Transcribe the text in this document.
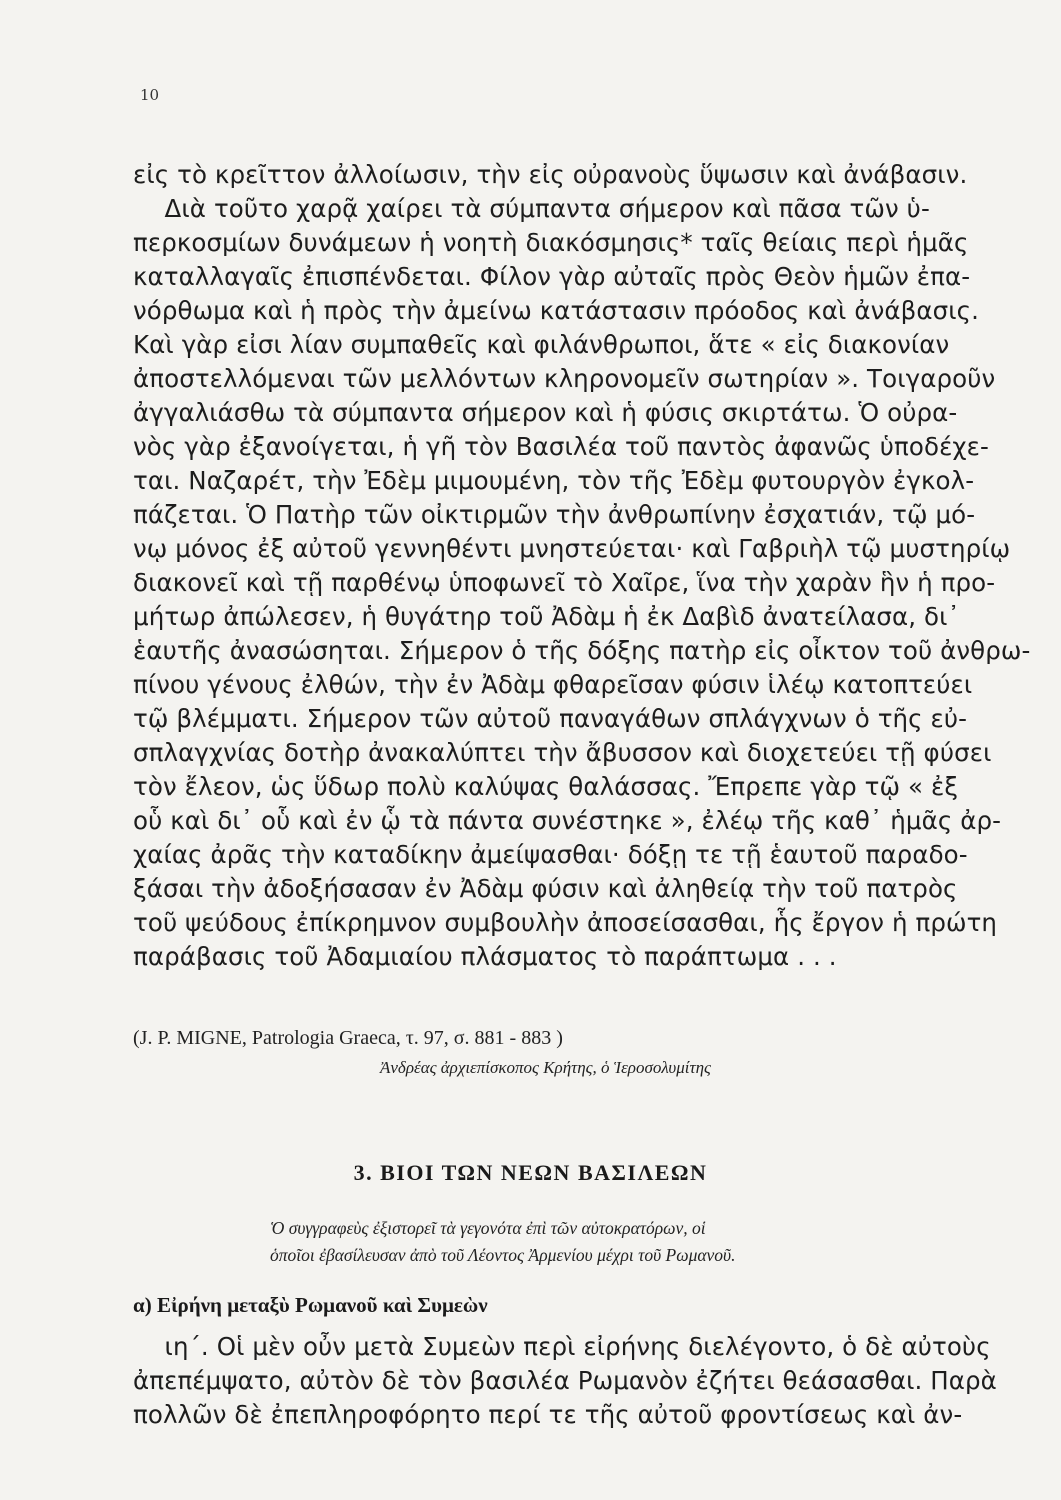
10
εἰς τὸ κρεῖττον ἀλλοίωσιν, τὴν εἰς οὐρανοὺς ὕψωσιν καὶ ἀνάβασιν.
Διὰ τοῦτο χαρᾷ χαίρει τὰ σύμπαντα σήμερον καὶ πᾶσα τῶν ὑ-
περκοσμίων δυνάμεων ἡ νοητὴ διακόσμησις* ταῖς θείαις περὶ ἡμᾶς
καταλλαγαῖς ἐπισπένδεται. Φίλον γὰρ αὐταῖς πρὸς Θεὸν ἡμῶν ἐπα-
νόρθωμα καὶ ἡ πρὸς τὴν ἀμείνω κατάστασιν πρόοδος καὶ ἀνάβασις.
Καὶ γὰρ εἰσι λίαν συμπαθεῖς καὶ φιλάνθρωποι, ἅτε « εἰς διακονίαν
ἀποστελλόμεναι τῶν μελλόντων κληρονομεῖν σωτηρίαν ». Τοιγαροῦν
ἀγγαλιάσθω τὰ σύμπαντα σήμερον καὶ ἡ φύσις σκιρτάτω. Ὁ οὐρα-
νὸς γὰρ ἐξανοίγεται, ἡ γῆ τὸν Βασιλέα τοῦ παντὸς ἀφανῶς ὑποδέχε-
ται. Ναζαρέτ, τὴν Ἐδὲμ μιμουμένη, τὸν τῆς Ἐδὲμ φυτουργὸν ἐγκολ-
πάζεται. Ὁ Πατὴρ τῶν οἰκτιρμῶν τὴν ἀνθρωπίνην ἐσχατιάν, τῷ μό-
νῳ μόνος ἐξ αὐτοῦ γεννηθέντι μνηστεύεται· καὶ Γαβριὴλ τῷ μυστηρίῳ
διακονεῖ καὶ τῇ παρθένῳ ὑποφωνεῖ τὸ Χαῖρε, ἵνα τὴν χαρὰν ἣν ἡ προ-
μήτωρ ἀπώλεσεν, ἡ θυγάτηρ τοῦ Ἀδὰμ ἡ ἐκ Δαβὶδ ἀνατείλασα, δι᾽
ἑαυτῆς ἀνασώσηται. Σήμερον ὁ τῆς δόξης πατὴρ εἰς οἶκτον τοῦ ἀνθρω-
πίνου γένους ἐλθών, τὴν ἐν Ἀδὰμ φθαρεῖσαν φύσιν ἱλέῳ κατοπτεύει
τῷ βλέμματι. Σήμερον τῶν αὐτοῦ παναγάθων σπλάγχνων ὁ τῆς εὐ-
σπλαγχνίας δοτὴρ ἀνακαλύπτει τὴν ἄβυσσον καὶ διοχετεύει τῇ φύσει
τὸν ἔλεον, ὡς ὕδωρ πολὺ καλύψας θαλάσσας. Ἔπρεπε γὰρ τῷ « ἐξ
οὗ καὶ δι᾽ οὗ καὶ ἐν ᾧ τὰ πάντα συνέστηκε », ἐλέῳ τῆς καθ᾽ ἡμᾶς ἀρ-
χαίας ἀρᾶς τὴν καταδίκην ἀμείψασθαι· δόξῃ τε τῇ ἑαυτοῦ παραδο-
ξάσαι τὴν ἀδοξήσασαν ἐν Ἀδὰμ φύσιν καὶ ἀληθείᾳ τὴν τοῦ πατρὸς
τοῦ ψεύδους ἐπίκρημνον συμβουλὴν ἀποσείσασθαι, ἧς ἔργον ἡ πρώτη
παράβασις τοῦ Ἀδαμιαίου πλάσματος τὸ παράπτωμα . . .
(J. P. MIGNE, Patrologia Graeca, τ. 97, σ. 881 - 883 )
Ἀνδρέας ἀρχιεπίσκοπος Κρήτης, ὁ Ἱεροσολυμίτης
3. ΒΙΟΙ ΤΩΝ ΝΕΩΝ ΒΑΣΙΛΕΩΝ
Ὁ συγγραφεὺς ἐξιστορεῖ τὰ γεγονότα ἐπὶ τῶν αὐτοκρατόρων, οἱ
ὁποῖοι ἐβασίλευσαν ἀπὸ τοῦ Λέοντος Ἀρμενίου μέχρι τοῦ Ρωμανοῦ.
α) Εἰρήνη μεταξὺ Ρωμανοῦ καὶ Συμεὼν
ιη΄. Οἱ μὲν οὖν μετὰ Συμεὼν περὶ εἰρήνης διελέγοντο, ὁ δὲ αὐτοὺς
ἀπεπέμψατο, αὐτὸν δὲ τὸν βασιλέα Ρωμανὸν ἐζήτει θεάσασθαι. Παρὰ
πολλῶν δὲ ἐπεπληροφόρητο περί τε τῆς αὐτοῦ φροντίσεως καὶ ἀν-
